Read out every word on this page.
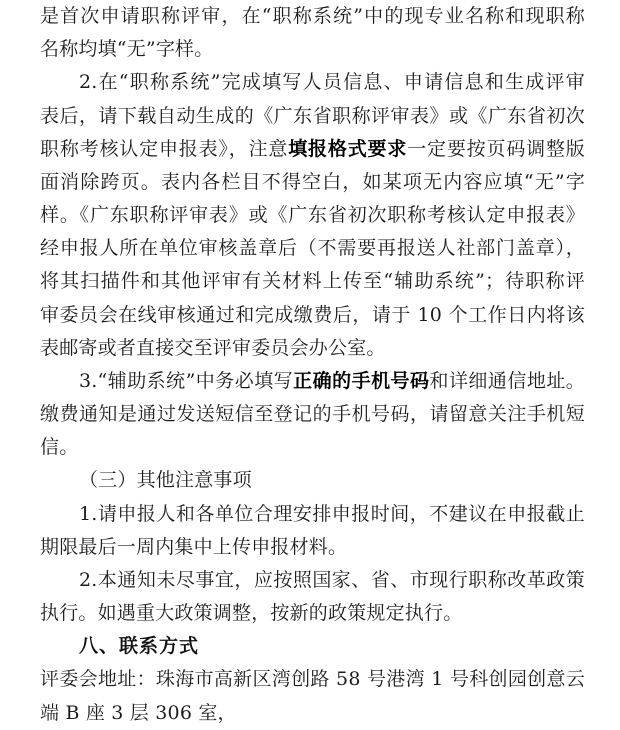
是首次申请职称评审，在“职称系统”中的现专业名称和现职称
名称均填“无”字样。
2.在“职称系统”完成填写人员信息、申请信息和生成评审
表后，请下载自动生成的《广东省职称评审表》或《广东省初次
职称考核认定申报表》，注意填报格式要求一定要按页码调整版
面消除跨页。表内各栏目不得空白，如某项无内容应填“无”字
样。《广东职称评审表》或《广东省初次职称考核认定申报表》
经申报人所在单位审核盖章后（不需要再报送人社部门盖章），
将其扫描件和其他评审有关材料上传至“辅助系统”；待职称评
审委员会在线审核通过和完成缴费后，请于 10 个工作日内将该
表邮寄或者直接交至评审委员会办公室。
3.“辅助系统”中务必填写正确的手机号码和详细通信地址。
缴费通知是通过发送短信至登记的手机号码，请留意关注手机短
信。
（三）其他注意事项
1.请申报人和各单位合理安排申报时间，不建议在申报截止
期限最后一周内集中上传申报材料。
2.本通知未尽事宜，应按照国家、省、市现行职称改革政策
执行。如遇重大政策调整，按新的政策规定执行。
八、联系方式
评委会地址：珠海市高新区湾创路 58 号港湾 1 号科创园创意云
端 B 座 3 层 306 室，
